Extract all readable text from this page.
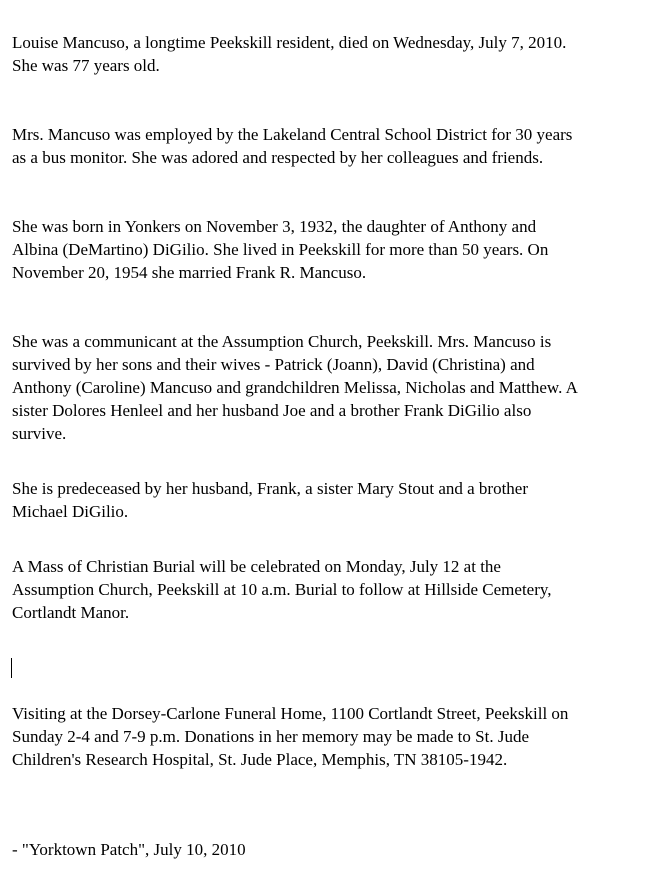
Louise Mancuso, a longtime Peekskill resident, died on Wednesday, July 7, 2010.
She was 77 years old.

Mrs. Mancuso was employed by the Lakeland Central School District for 30 years
as a bus monitor. She was adored and respected by her colleagues and friends.

She was born in Yonkers on November 3, 1932, the daughter of Anthony and
Albina (DeMartino) DiGilio. She lived in Peekskill for more than 50 years. On
November 20, 1954 she married Frank R. Mancuso.

She was a communicant at the Assumption Church, Peekskill. Mrs. Mancuso is
survived by her sons and their wives - Patrick (Joann), David (Christina) and
Anthony (Caroline) Mancuso and grandchildren Melissa, Nicholas and Matthew. A
sister Dolores Henleel and her husband Joe and a brother Frank DiGilio also
survive.

She is predeceased by her husband, Frank, a sister Mary Stout and a brother
Michael DiGilio.

A Mass of Christian Burial will be celebrated on Monday, July 12 at the
Assumption Church, Peekskill at 10 a.m. Burial to follow at Hillside Cemetery,
Cortlandt Manor.

Visiting at the Dorsey-Carlone Funeral Home, 1100 Cortlandt Street, Peekskill on
Sunday 2-4 and 7-9 p.m. Donations in her memory may be made to St. Jude
Children's Research Hospital, St. Jude Place, Memphis, TN 38105-1942.

- "Yorktown Patch", July 10, 2010
